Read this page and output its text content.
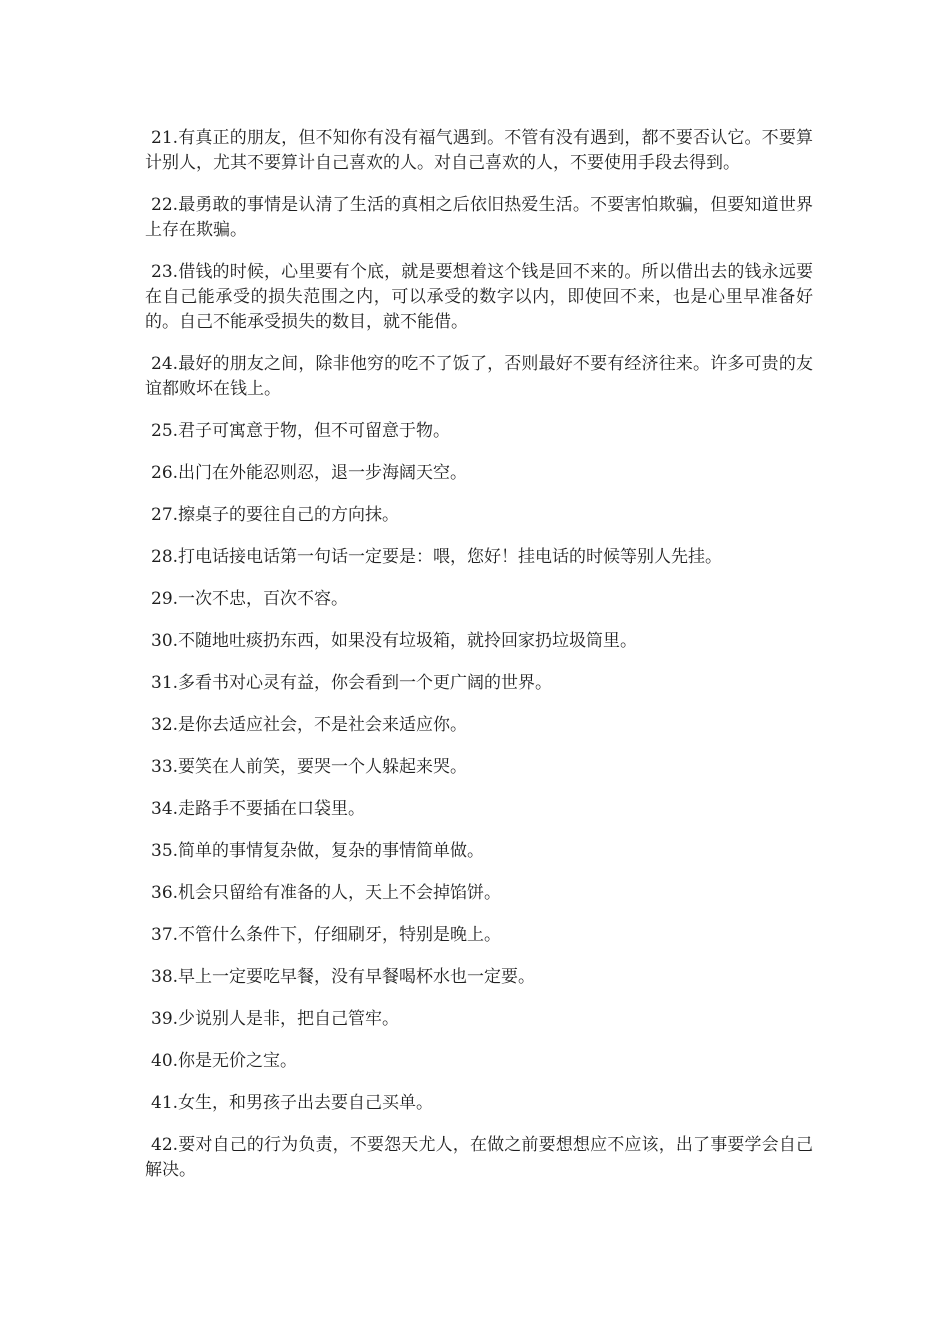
21.有真正的朋友，但不知你有没有福气遇到。不管有没有遇到，都不要否认它。不要算计别人，尤其不要算计自己喜欢的人。对自己喜欢的人，不要使用手段去得到。

22.最勇敢的事情是认清了生活的真相之后依旧热爱生活。不要害怕欺骗，但要知道世界上存在欺骗。

23.借钱的时候，心里要有个底，就是要想着这个钱是回不来的。所以借出去的钱永远要在自己能承受的损失范围之内，可以承受的数字以内，即使回不来，也是心里早准备好的。自己不能承受损失的数目，就不能借。

24.最好的朋友之间，除非他穷的吃不了饭了，否则最好不要有经济往来。许多可贵的友谊都败坏在钱上。

25.君子可寓意于物，但不可留意于物。

26.出门在外能忍则忍，退一步海阔天空。

27.擦桌子的要往自己的方向抹。

28.打电话接电话第一句话一定要是：喂，您好！挂电话的时候等别人先挂。

29.一次不忠，百次不容。

30.不随地吐痰扔东西，如果没有垃圾箱，就拎回家扔垃圾筒里。

31.多看书对心灵有益，你会看到一个更广阔的世界。

32.是你去适应社会，不是社会来适应你。

33.要笑在人前笑，要哭一个人躲起来哭。

34.走路手不要插在口袋里。

35.简单的事情复杂做，复杂的事情简单做。

36.机会只留给有准备的人，天上不会掉馅饼。

37.不管什么条件下，仔细刷牙，特别是晚上。

38.早上一定要吃早餐，没有早餐喝杯水也一定要。

39.少说别人是非，把自己管牢。

40.你是无价之宝。

41.女生，和男孩子出去要自己买单。

42.要对自己的行为负责，不要怨天尤人，在做之前要想想应不应该，出了事要学会自己解决。
